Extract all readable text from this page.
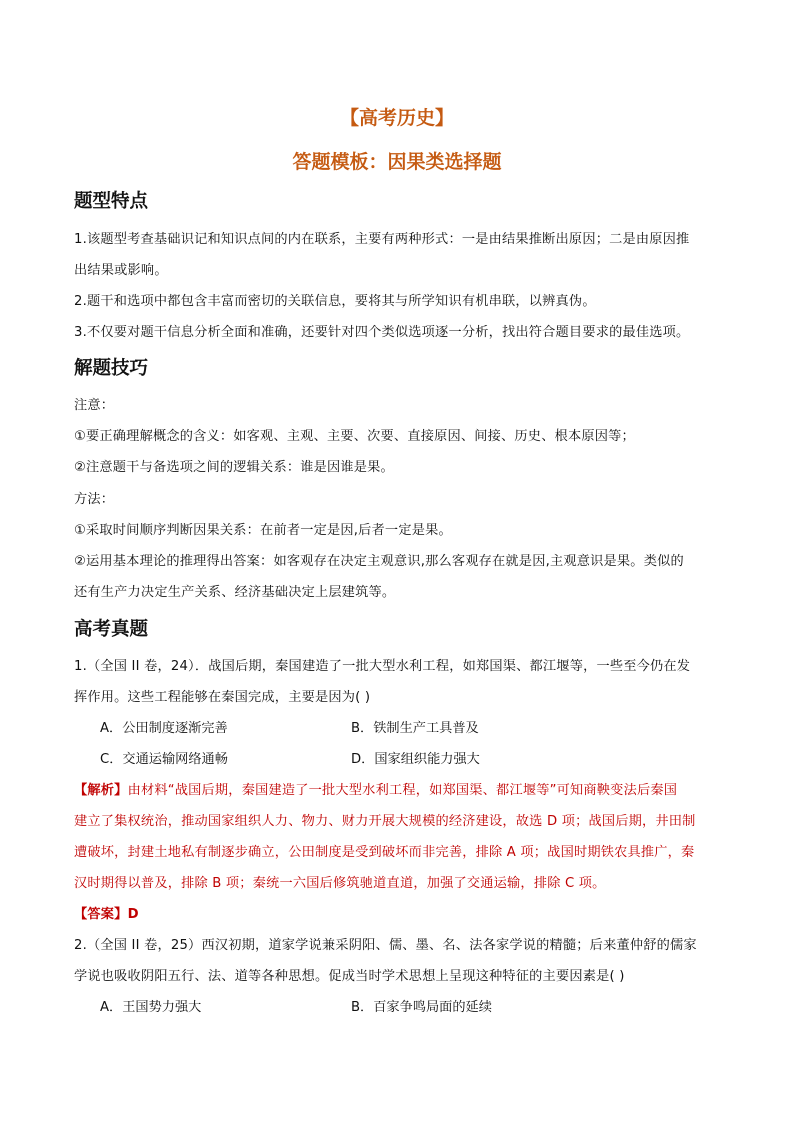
【高考历史】
答题模板：因果类选择题
题型特点
1.该题型考查基础识记和知识点间的内在联系，主要有两种形式：一是由结果推断出原因；二是由原因推
出结果或影响。
2.题干和选项中都包含丰富而密切的关联信息，要将其与所学知识有机串联，以辨真伪。
3.不仅要对题干信息分析全面和准确，还要针对四个类似选项逐一分析，找出符合题目要求的最佳选项。
解题技巧
注意：
①要正确理解概念的含义：如客观、主观、主要、次要、直接原因、间接、历史、根本原因等；
②注意题干与备选项之间的逻辑关系：谁是因谁是果。
方法：
①采取时间顺序判断因果关系：在前者一定是因,后者一定是果。
②运用基本理论的推理得出答案：如客观存在决定主观意识,那么客观存在就是因,主观意识是果。类似的
还有生产力决定生产关系、经济基础决定上层建筑等。
高考真题
1.（全国 II 卷，24）．战国后期，秦国建造了一批大型水利工程，如郑国渠、都江堰等，一些至今仍在发
挥作用。这些工程能够在秦国完成，主要是因为( )
A．公田制度逐渐完善	B．铁制生产工具普及
C．交通运输网络通畅	D．国家组织能力强大
【解析】由材料“战国后期，秦国建造了一批大型水利工程，如郑国渠、都江堰等”可知商鞅变法后秦国
建立了集权统治，推动国家组织人力、物力、财力开展大规模的经济建设，故选 D 项；战国后期，井田制
遭破坏，封建土地私有制逐步确立，公田制度是受到破坏而非完善，排除 A 项；战国时期铁农具推广，秦
汉时期得以普及，排除 B 项；秦统一六国后修筑驰道直道，加强了交通运输，排除 C 项。
【答案】D
2.（全国 II 卷，25）西汉初期，道家学说兼采阴阳、儒、墨、名、法各家学说的精髓；后来董仲舒的儒家
学说也吸收阴阳五行、法、道等各种思想。促成当时学术思想上呈现这种特征的主要因素是( )
A．王国势力强大	B．百家争鸣局面的延续
